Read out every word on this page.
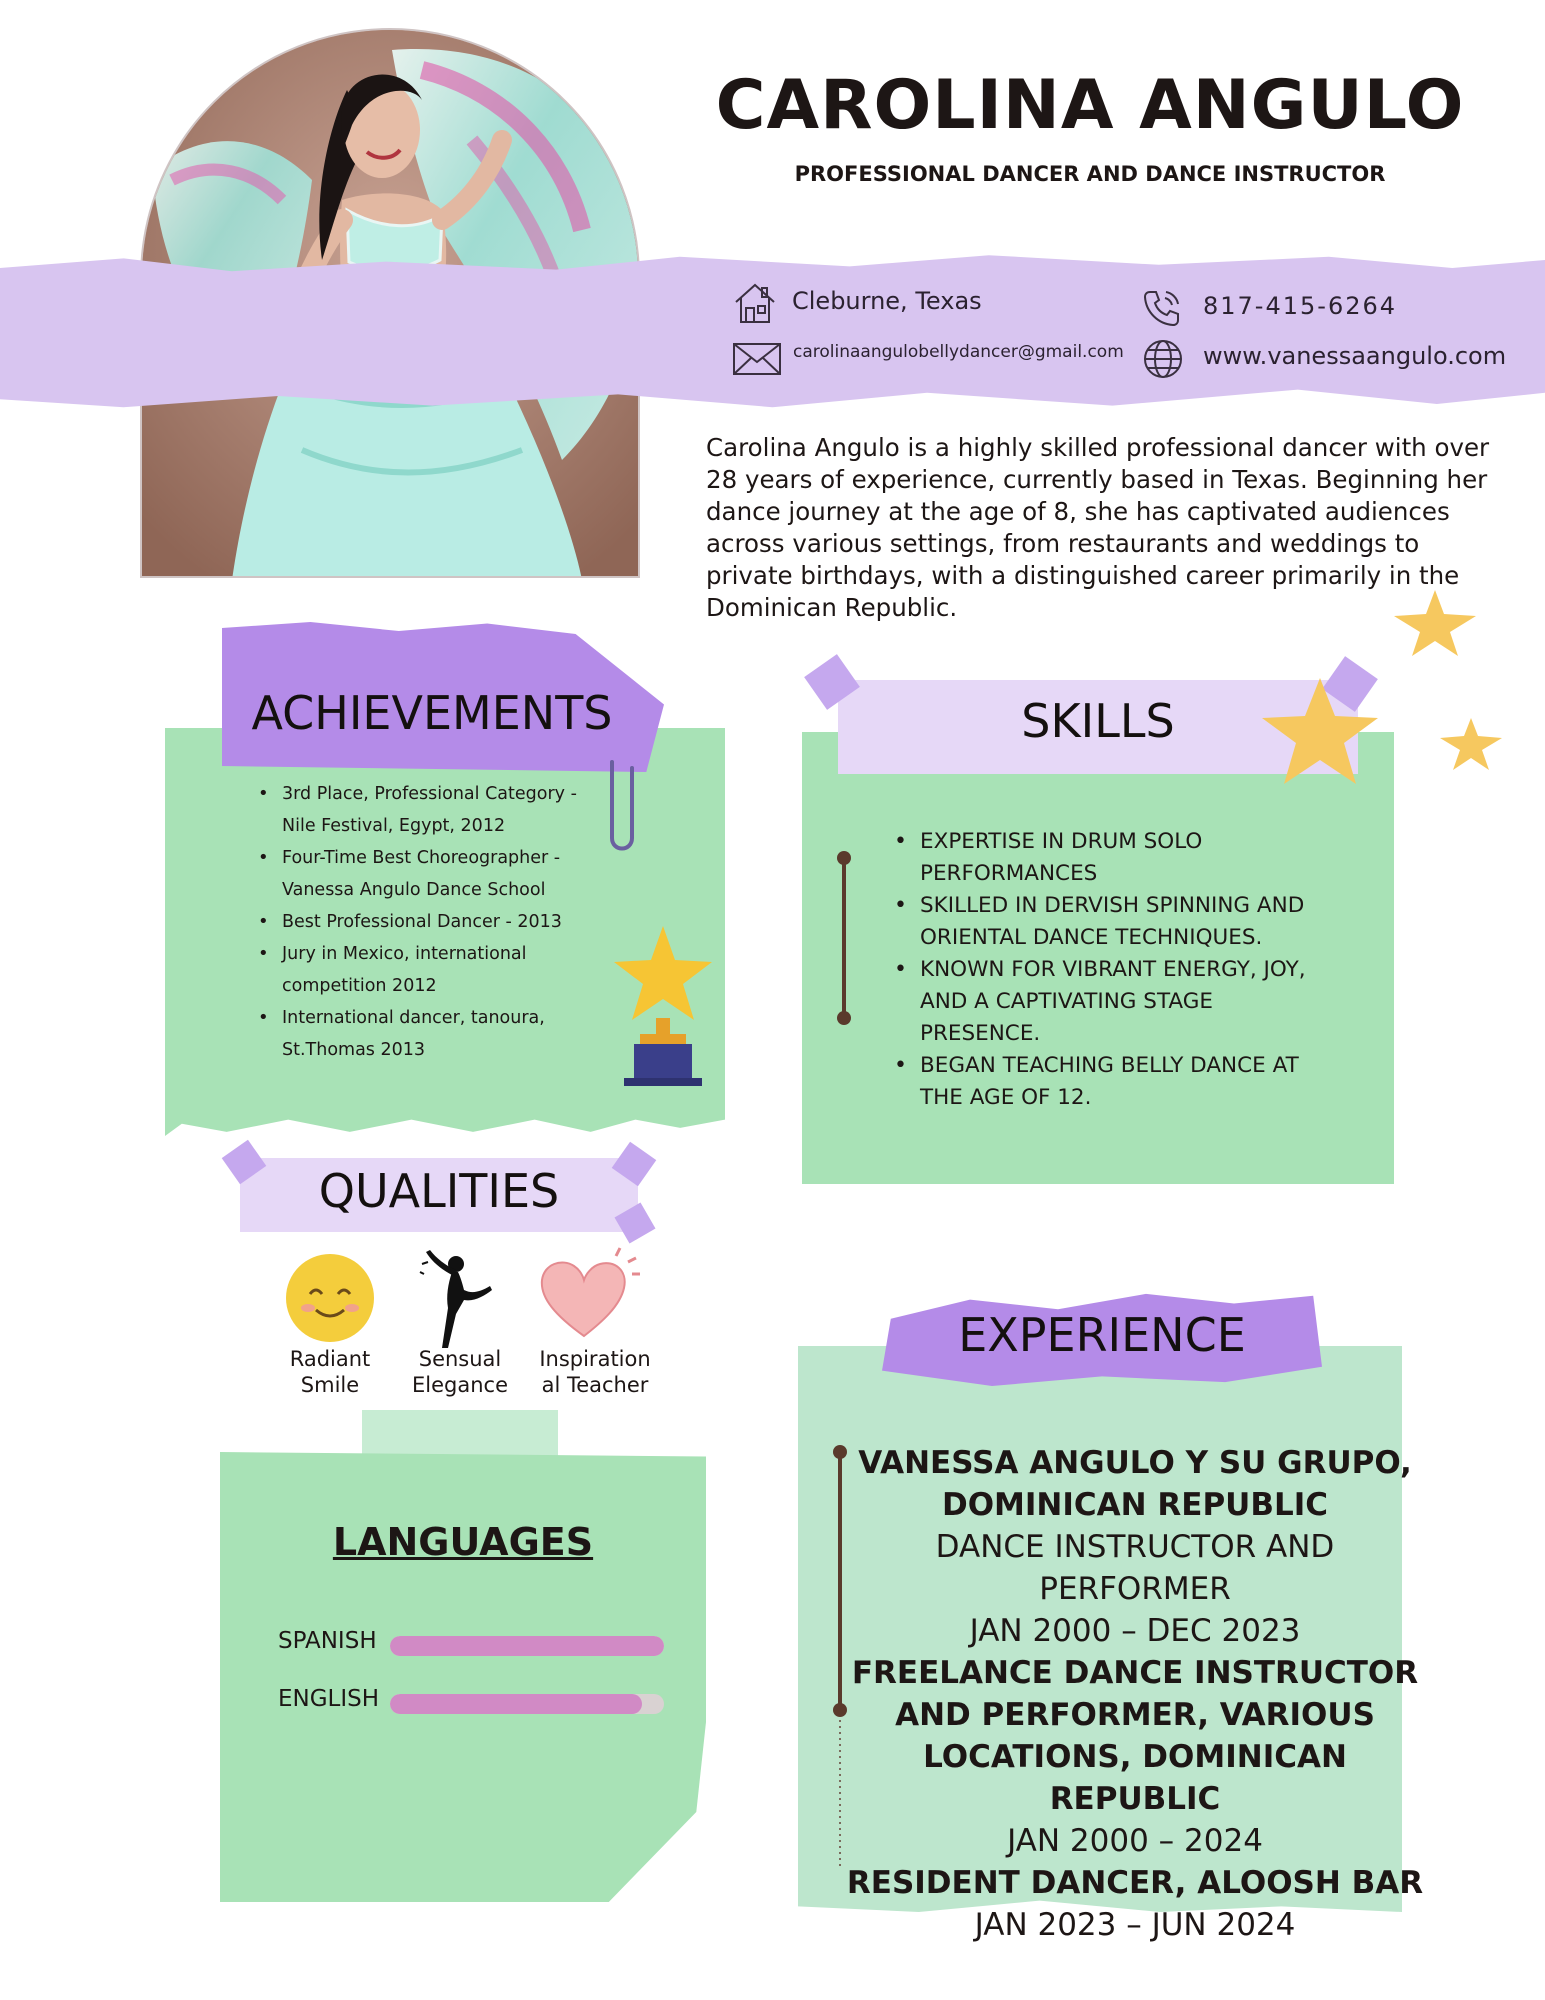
CAROLINA ANGULO
PROFESSIONAL DANCER AND DANCE INSTRUCTOR
Cleburne, Texas	817-415-6264
carolinaangulobellydancer@gmail.com	www.vanessaangulo.com
Carolina Angulo is a highly skilled professional dancer with over 28 years of experience, currently based in Texas. Beginning her dance journey at the age of 8, she has captivated audiences across various settings, from restaurants and weddings to private birthdays, with a distinguished career primarily in the Dominican Republic.
ACHIEVEMENTS
• 3rd Place, Professional Category - Nile Festival, Egypt, 2012
• Four-Time Best Choreographer - Vanessa Angulo Dance School
• Best Professional Dancer - 2013
• Jury in Mexico, international competition 2012
• International dancer, tanoura, St.Thomas 2013
SKILLS
• EXPERTISE IN DRUM SOLO PERFORMANCES
• SKILLED IN DERVISH SPINNING AND ORIENTAL DANCE TECHNIQUES.
• KNOWN FOR VIBRANT ENERGY, JOY, AND A CAPTIVATING STAGE PRESENCE.
• BEGAN TEACHING BELLY DANCE AT THE AGE OF 12.
QUALITIES
Radiant
Smile
Sensual
Elegance
Inspiration
al Teacher
LANGUAGES
SPANISH
ENGLISH
EXPERIENCE
VANESSA ANGULO Y SU GRUPO, DOMINICAN REPUBLIC
DANCE INSTRUCTOR AND PERFORMER
JAN 2000 – DEC 2023
FREELANCE DANCE INSTRUCTOR AND PERFORMER, VARIOUS LOCATIONS, DOMINICAN REPUBLIC
JAN 2000 – 2024
RESIDENT DANCER, ALOOSH BAR
JAN 2023 – JUN 2024
